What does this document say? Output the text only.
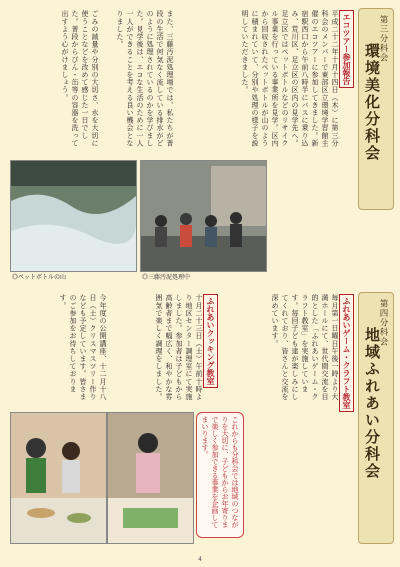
第三分科会
環境美化分科会
エコツアー参加報告
平成二十二年十月十四日（木）に第三分科会のメンバーで東部区立環境学習館主催のエコツアーに参加してきました。新宿駅西口から午前八時半にバスに乗り込み、荒川区、足立区の区内の見学先へ。足立区ではペットボトルなどのリサイクル事業を行っている事業所を見学。区内から回収されたペットボトルが山のように積まれていて、分別や処理の様子を説明していただきました。
また、三藤汚泥処理場では、私たちが普段の生活で何気なく流している排水がどのように処理されているのかを学びました。見学後は、エコな生活のために一人一人ができることを考える良い機会となりました。
ごみの減量や分別の大切さ、水を大切に使うことなどを改めて感じた一日でした。普段からびん・缶等の容器を洗って出すよう心がけましょう。
◎ペットボトルの山	◎三藤汚泥処理中
第四分科会
地域ふれあい分科会
ふれあいゲーム・クラフト教室
毎月第一日曜日午後一時より大満ホールにて、世代間交流を目的とした「ふれあいゲーム・クラフト教室」を実施しています。毎回子ども達が楽しみにしてくれており、皆さんと交流を深めています。
ふれあいクッキング教室
十月二十三日（土）午前十時より地区センター調理室にて実施しました。参加者は子どもから高齢者まで幅広く、和やかな雰囲気で楽しく調理をしました。
今年度の公開講座、十二月十八日（土）クリスマスツリー作りなども予定しています。皆さまのご参加をお待ちしております。
これからも分科会では地域のつながりを大切に、子どもからお年寄りまで楽しく参加できる事業を企画してまいります。
4
